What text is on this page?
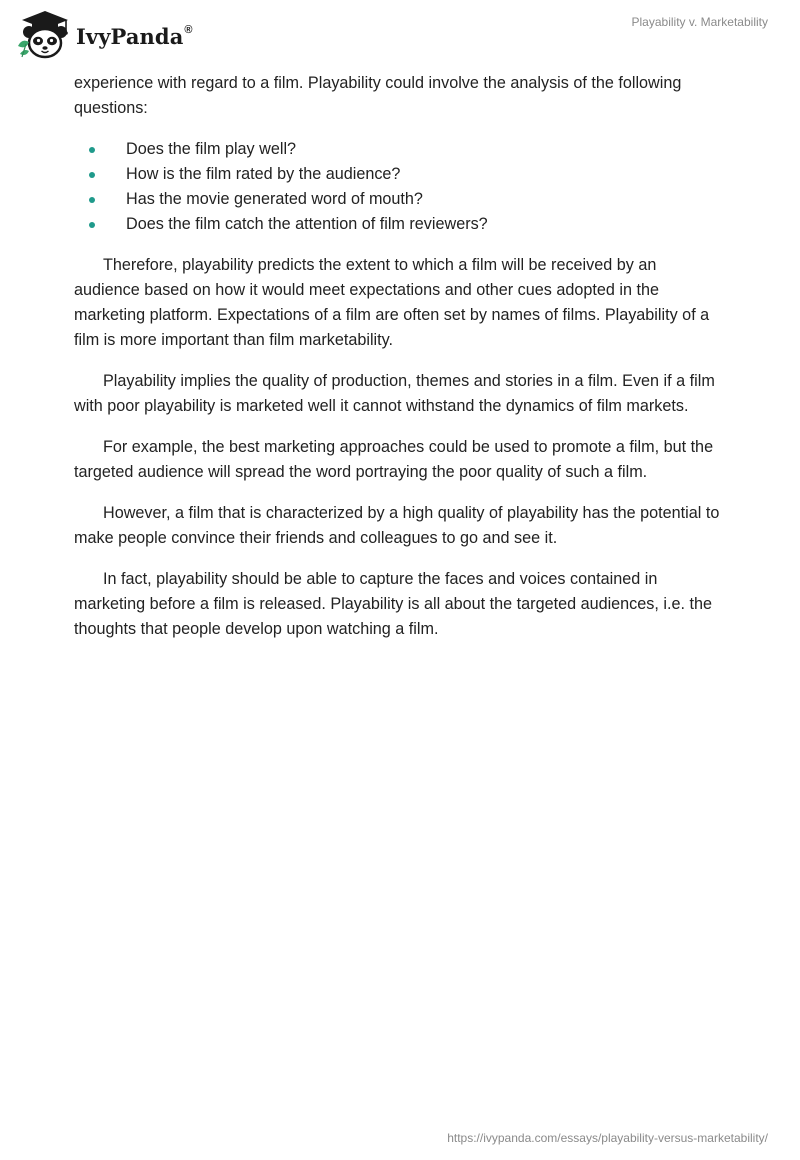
IvyPanda®
Playability v. Marketability

experience with regard to a film. Playability could involve the analysis of the following questions:

Does the film play well?
How is the film rated by the audience?
Has the movie generated word of mouth?
Does the film catch the attention of film reviewers?

Therefore, playability predicts the extent to which a film will be received by an audience based on how it would meet expectations and other cues adopted in the marketing platform. Expectations of a film are often set by names of films. Playability of a film is more important than film marketability.

Playability implies the quality of production, themes and stories in a film. Even if a film with poor playability is marketed well it cannot withstand the dynamics of film markets.

For example, the best marketing approaches could be used to promote a film, but the targeted audience will spread the word portraying the poor quality of such a film.

However, a film that is characterized by a high quality of playability has the potential to make people convince their friends and colleagues to go and see it.

In fact, playability should be able to capture the faces and voices contained in marketing before a film is released. Playability is all about the targeted audiences, i.e. the thoughts that people develop upon watching a film.

https://ivypanda.com/essays/playability-versus-marketability/
